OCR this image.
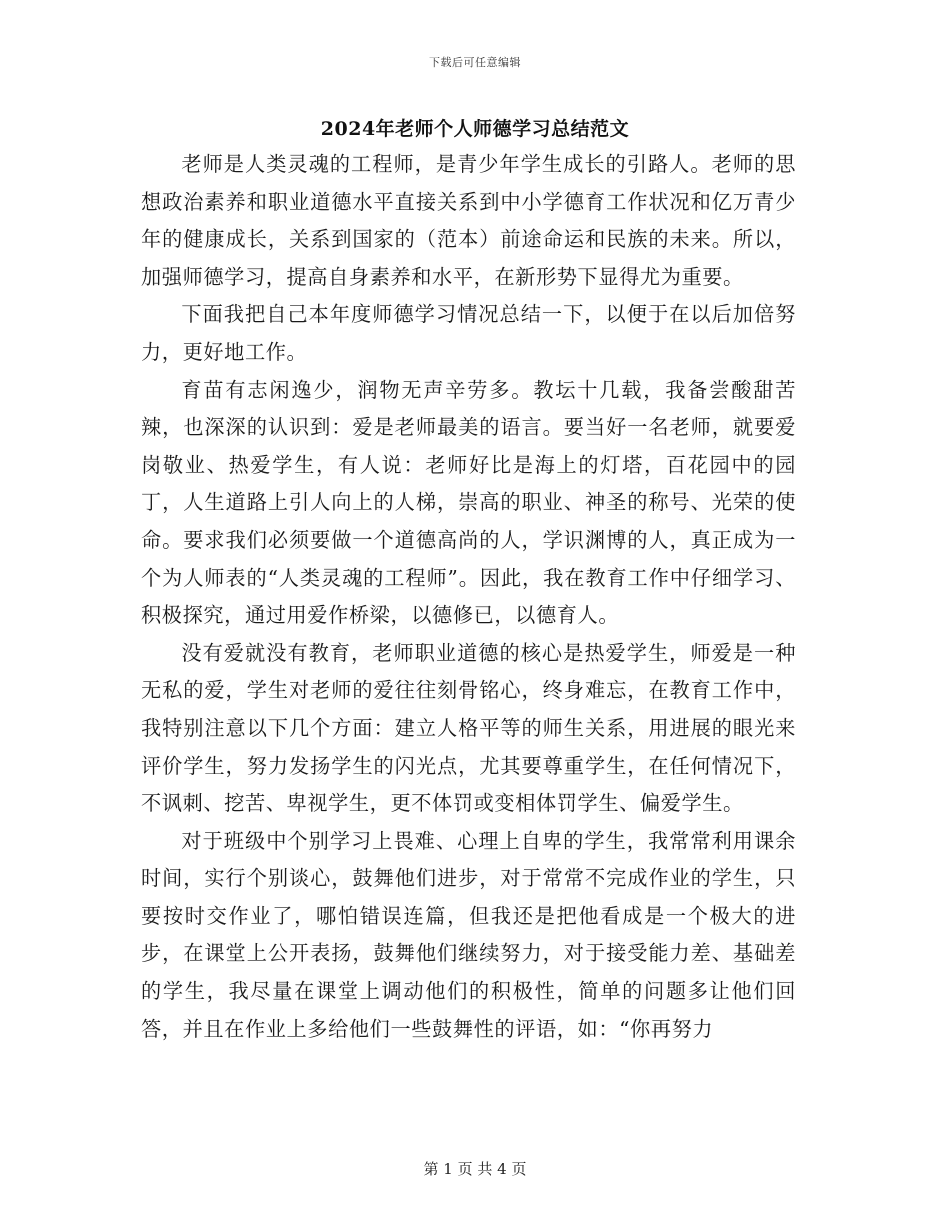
下载后可任意编辑
2024年老师个人师德学习总结范文

老师是人类灵魂的工程师，是青少年学生成长的引路人。老师的思想政治素养和职业道德水平直接关系到中小学德育工作状况和亿万青少年的健康成长，关系到国家的（范本）前途命运和民族的未来。所以，加强师德学习，提高自身素养和水平，在新形势下显得尤为重要。

下面我把自己本年度师德学习情况总结一下，以便于在以后加倍努力，更好地工作。

育苗有志闲逸少，润物无声辛劳多。教坛十几载，我备尝酸甜苦辣，也深深的认识到：爱是老师最美的语言。要当好一名老师，就要爱岗敬业、热爱学生，有人说：老师好比是海上的灯塔，百花园中的园丁，人生道路上引人向上的人梯，崇高的职业、神圣的称号、光荣的使命。要求我们必须要做一个道德高尚的人，学识渊博的人，真正成为一个为人师表的“人类灵魂的工程师”。因此，我在教育工作中仔细学习、积极探究，通过用爱作桥梁，以德修已，以德育人。

没有爱就没有教育，老师职业道德的核心是热爱学生，师爱是一种无私的爱，学生对老师的爱往往刻骨铭心，终身难忘，在教育工作中，我特别注意以下几个方面：建立人格平等的师生关系，用进展的眼光来评价学生，努力发扬学生的闪光点，尤其要尊重学生，在任何情况下，不讽刺、挖苦、卑视学生，更不体罚或变相体罚学生、偏爱学生。

对于班级中个别学习上畏难、心理上自卑的学生，我常常利用课余时间，实行个别谈心，鼓舞他们进步，对于常常不完成作业的学生，只要按时交作业了，哪怕错误连篇，但我还是把他看成是一个极大的进步，在课堂上公开表扬，鼓舞他们继续努力，对于接受能力差、基础差的学生，我尽量在课堂上调动他们的积极性，简单的问题多让他们回答，并且在作业上多给他们一些鼓舞性的评语，如：“你再努力

第 1 页 共 4 页
